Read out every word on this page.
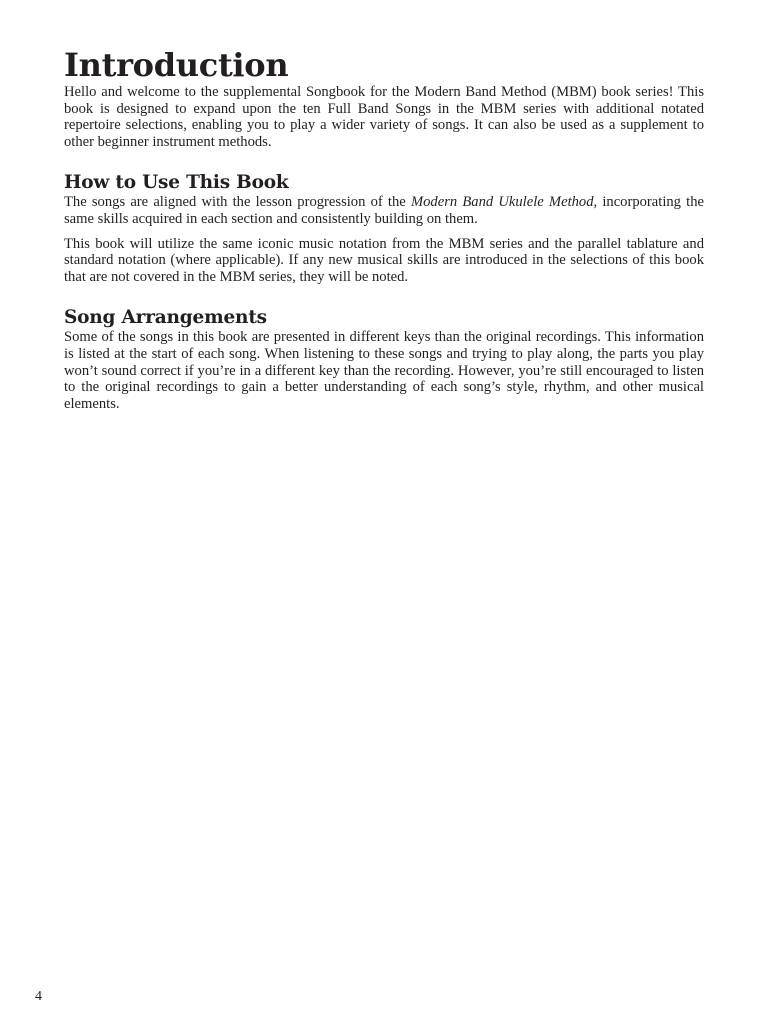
Introduction

Hello and welcome to the supplemental Songbook for the Modern Band Method (MBM) book series! This book is designed to expand upon the ten Full Band Songs in the MBM series with additional notated repertoire selections, enabling you to play a wider variety of songs. It can also be used as a supplement to other beginner instrument methods.

How to Use This Book

The songs are aligned with the lesson progression of the Modern Band Ukulele Method, incorporating the same skills acquired in each section and consistently building on them.

This book will utilize the same iconic music notation from the MBM series and the parallel tablature and standard notation (where applicable). If any new musical skills are introduced in the selections of this book that are not covered in the MBM series, they will be noted.

Song Arrangements

Some of the songs in this book are presented in different keys than the original recordings. This information is listed at the start of each song. When listening to these songs and trying to play along, the parts you play won’t sound correct if you’re in a different key than the recording. However, you’re still encouraged to listen to the original recordings to gain a better understanding of each song’s style, rhythm, and other musical elements.

4
